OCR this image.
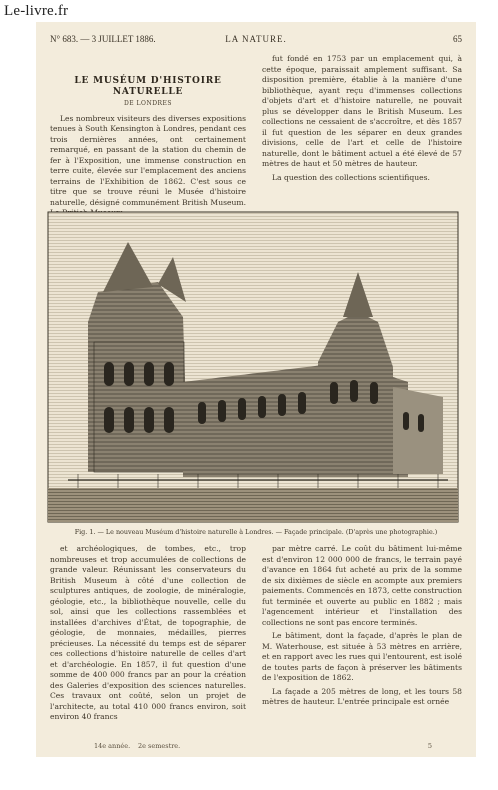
Le-livre.fr
N° 683. — 3 JUILLET 1886.	LA NATURE.	65
LE MUSÉUM D'HISTOIRE NATURELLE
DE LONDRES

Les nombreux visiteurs des diverses expositions tenues à South Kensington à Londres, pendant ces trois dernières années, ont certainement remarqué, en passant de la station du chemin de fer à l'Exposition, une immense construction en terre cuite, élevée sur l'emplacement des anciens terrains de l'Exhibition de 1862. C'est sous ce titre que se trouve réuni le Musée d'histoire naturelle, désigné communément British Museum.

fut fondé en 1753 par un emplacement qui, à cette époque, paraissait amplement suffisant. Sa disposition première, établie à la manière d'une bibliothèque, ayant reçu d'immenses collections d'objets d'art et d'histoire naturelle, ne pouvait plus se développer dans le British Museum. Les collections ne cessaient de s'accroître, et dès 1857 il fut question de les séparer en deux grandes divisions, celle de l'art et celle de l'histoire naturelle, dont le bâtiment actuel a été élevé de 57 mètres de haut et 50 mètres de hauteur.

La question des collections scientifiques.

Fig. 1. — Le nouveau Muséum d'histoire naturelle à Londres. — Façade principale. (D'après une photographie.)

et archéologiques, de tombes, etc., trop nombreuses et trop accumulées de collections de grande valeur. Réunissant les conservateurs du British Museum à côté d'une collection de sculptures antiques, de zoologie, de minéralogie, géologie, etc., la bibliothèque nouvelle, celle du sol, ainsi que les collections rassemblées et installées d'archives d'État, de topographie, de géologie, de monnaies, médailles, pierres précieuses. La nécessité du temps est de séparer ces collections d'histoire naturelle de celles d'art et d'archéologie. En 1857, il fut question d'une somme de 400 000 francs par an pour la création des Galeries d'exposition des sciences naturelles. Ces travaux ont coûté, selon un projet de l'architecte, au total 410 000 francs environ, soit environ 40 francs

par mètre carré. Le coût du bâtiment lui-même est d'environ 12 000 000 de francs, le terrain payé d'avance en 1864 fut acheté au prix de la somme de six dixièmes de siècle en acompte aux premiers paiements. Commencés en 1873, cette construction fut terminée et ouverte au public en 1882 ; mais l'agencement intérieur et l'installation des collections ne sont pas encore terminés.

Le bâtiment, dont la façade, d'après le plan de M. Waterhouse, est située à 53 mètres en arrière, et en rapport avec les rues qui l'entourent, est isolé de toutes parts de façon à préserver les bâtiments de l'exposition de 1862.

La façade a 205 mètres de long, et les tours 58 mètres de hauteur. L'entrée principale est ornée

14e année. 2e semestre.	5
